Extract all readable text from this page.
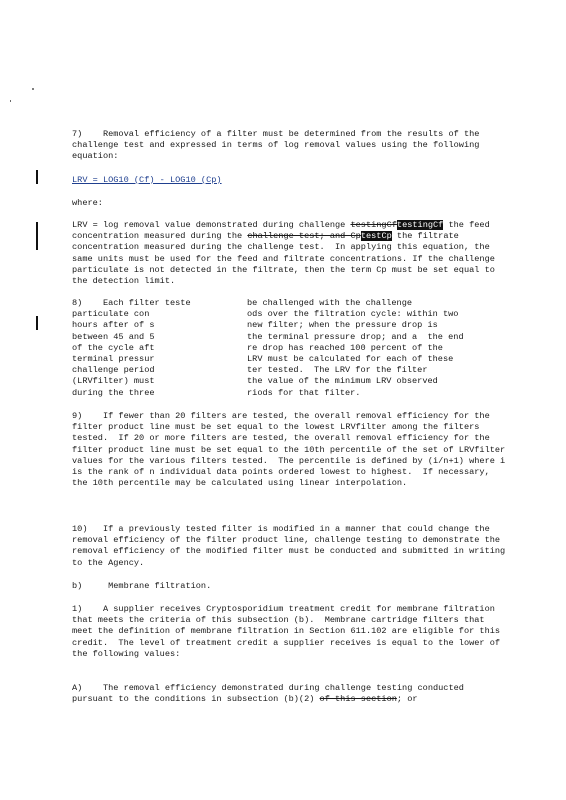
7)    Removal efficiency of a filter must be determined from the results of the challenge test and expressed in terms of log removal values using the following equation:

LRV = LOG10 (Cf) - LOG10 (Cp)

where:

LRV = log removal value demonstrated during challenge testingCftestingCf the feed concentration measured during the challenge test; and CptestCp the filtrate concentration measured during the challenge test.  In applying this equation, the same units must be used for the feed and filtrate concentrations. If the challenge particulate is not detected in the filtrate, then the term Cp must be set equal to the detection limit.

8)    Each filter teste
particulate con
hours after of s
between 45 and 5
of the cycle aft
terminal pressur
challenge period
(LRVfilter) must
during the three
be challenged with the challenge
ods over the filtration cycle: within two
new filter; when the pressure drop is
the terminal pressure drop; and a  the end
re drop has reached 100 percent of the
LRV must be calculated for each of these
ter tested.  The LRV for the filter
the value of the minimum LRV observed
riods for that filter.

9)    If fewer than 20 filters are tested, the overall removal efficiency for the filter product line must be set equal to the lowest LRVfilter among the filters tested.  If 20 or more filters are tested, the overall removal efficiency for the filter product line must be set equal to the 10th percentile of the set of LRVfilter values for the various filters tested.  The percentile is defined by (i/n+1) where i is the rank of n individual data points ordered lowest to highest.  If necessary, the 10th percentile may be calculated using linear interpolation.

10)   If a previously tested filter is modified in a manner that could change the removal efficiency of the filter product line, challenge testing to demonstrate the removal efficiency of the modified filter must be conducted and submitted in writing to the Agency.

b)     Membrane filtration.

1)    A supplier receives Cryptosporidium treatment credit for membrane filtration that meets the criteria of this subsection (b).  Membrane cartridge filters that meet the definition of membrane filtration in Section 611.102 are eligible for this credit.  The level of treatment credit a supplier receives is equal to the lower of the following values:

A)    The removal efficiency demonstrated during challenge testing conducted pursuant to the conditions in subsection (b)(2) of this section; or
